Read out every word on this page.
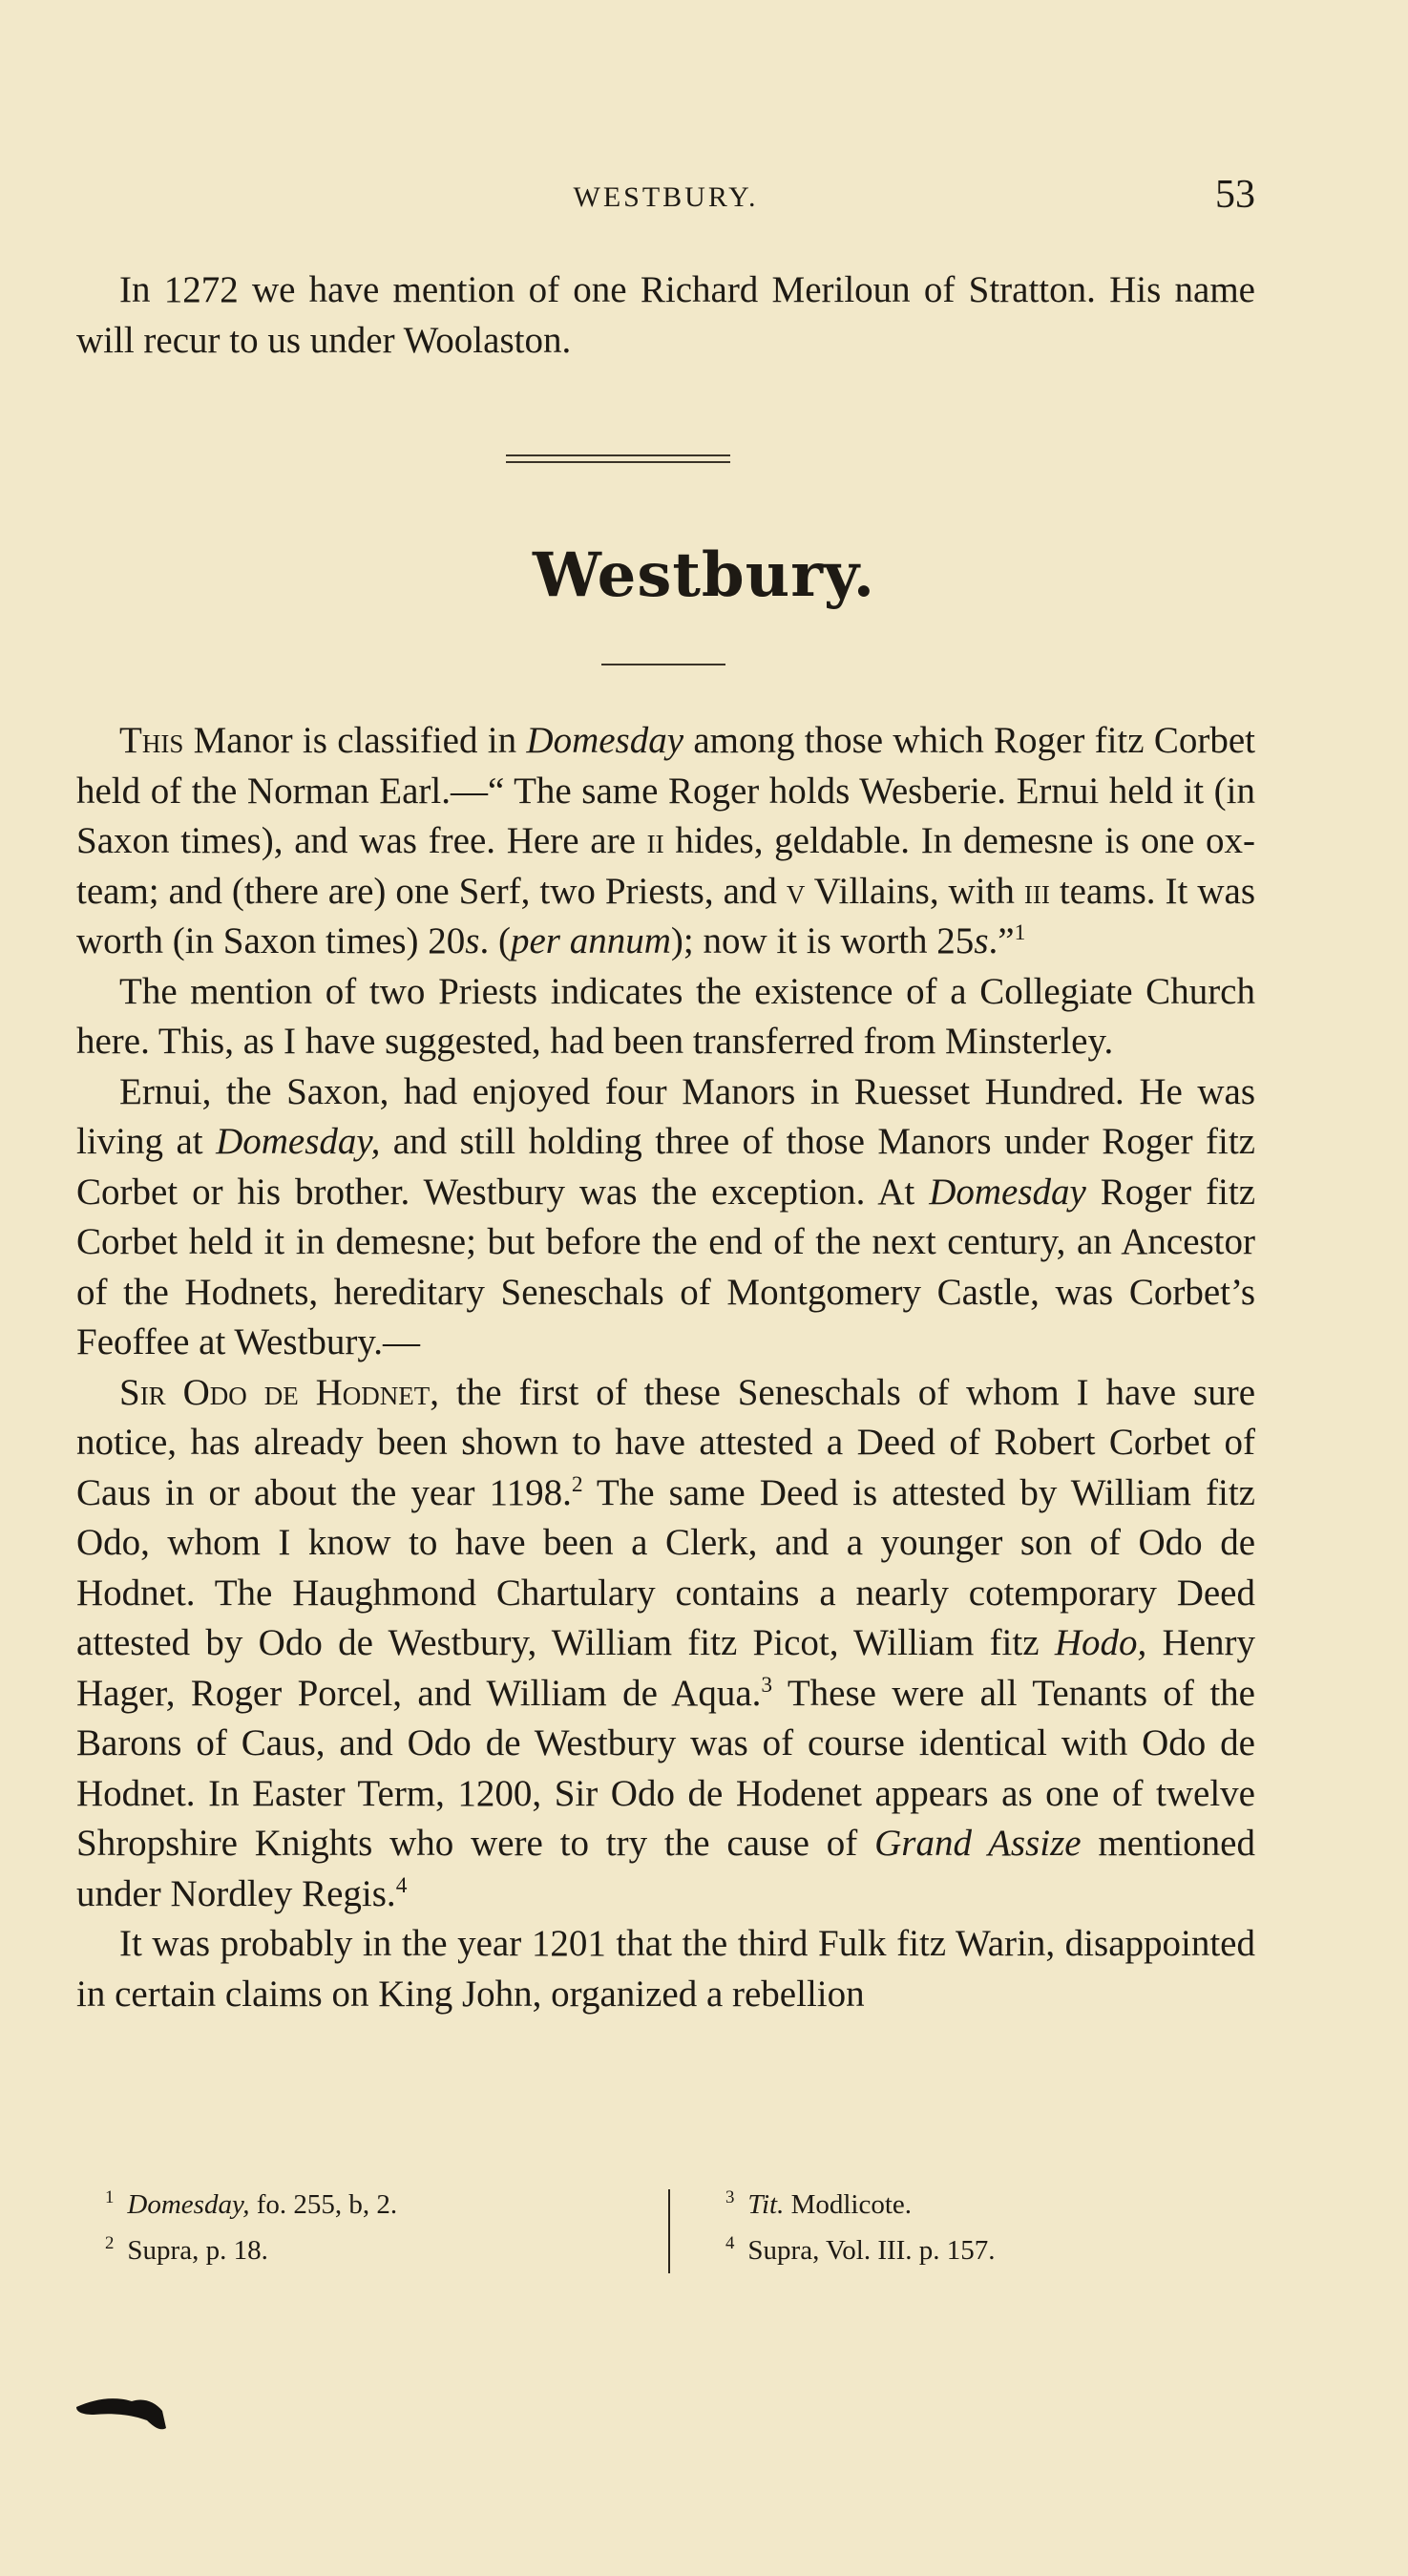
WESTBURY.	53

In 1272 we have mention of one Richard Meriloun of Stratton. His name will recur to us under Woolaston.

Westbury.

This Manor is classified in Domesday among those which Roger fitz Corbet held of the Norman Earl.—“ The same Roger holds Wesberie. Ernui held it (in Saxon times), and was free. Here are ii hides, geldable. In demesne is one ox-team; and (there are) one Serf, two Priests, and v Villains, with iii teams. It was worth (in Saxon times) 20s. (per annum); now it is worth 25s.”$^1$

The mention of two Priests indicates the existence of a Collegiate Church here. This, as I have suggested, had been transferred from Minsterley.

Ernui, the Saxon, had enjoyed four Manors in Ruesset Hundred. He was living at Domesday, and still holding three of those Manors under Roger fitz Corbet or his brother. Westbury was the exception. At Domesday Roger fitz Corbet held it in demesne; but before the end of the next century, an Ancestor of the Hodnets, hereditary Seneschals of Montgomery Castle, was Corbet’s Feoffee at Westbury.—

Sir Odo de Hodnet, the first of these Seneschals of whom I have sure notice, has already been shown to have attested a Deed of Robert Corbet of Caus in or about the year 1198.$^2$ The same Deed is attested by William fitz Odo, whom I know to have been a Clerk, and a younger son of Odo de Hodnet. The Haughmond Chartulary contains a nearly cotemporary Deed attested by Odo de Westbury, William fitz Picot, William fitz Hodo, Henry Hager, Roger Porcel, and William de Aqua.$^3$ These were all Tenants of the Barons of Caus, and Odo de Westbury was of course identical with Odo de Hodnet. In Easter Term, 1200, Sir Odo de Hodenet appears as one of twelve Shropshire Knights who were to try the cause of Grand Assize mentioned under Nordley Regis.$^4$

It was probably in the year 1201 that the third Fulk fitz Warin, disappointed in certain claims on King John, organized a rebellion

$^1$ Domesday, fo. 255, b, 2.
$^2$ Supra, p. 18.
$^3$ Tit. Modlicote.
$^4$ Supra, Vol. III. p. 157.
